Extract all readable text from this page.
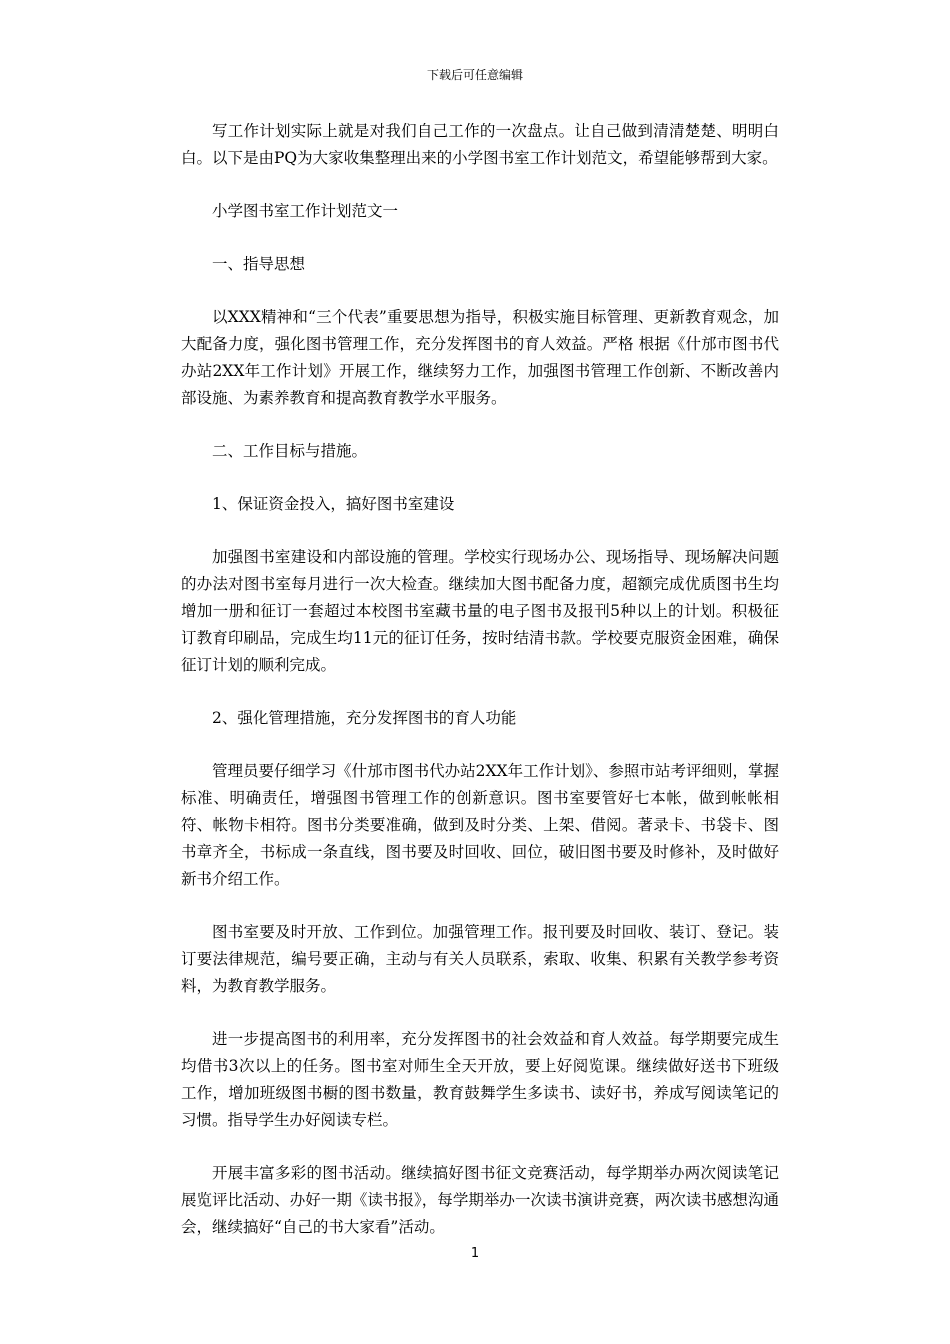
下载后可任意编辑

写工作计划实际上就是对我们自己工作的一次盘点。让自己做到清清楚楚、明明白白。以下是由PQ为大家收集整理出来的小学图书室工作计划范文，希望能够帮到大家。

小学图书室工作计划范文一

一、指导思想

以XXX精神和“三个代表”重要思想为指导，积极实施目标管理、更新教育观念，加大配备力度，强化图书管理工作，充分发挥图书的育人效益。严格 根据《什邡市图书代办站2XX年工作计划》开展工作，继续努力工作，加强图书管理工作创新、不断改善内部设施、为素养教育和提高教育教学水平服务。

二、工作目标与措施。

1、保证资金投入，搞好图书室建设

加强图书室建设和内部设施的管理。学校实行现场办公、现场指导、现场解决问题的办法对图书室每月进行一次大检查。继续加大图书配备力度，超额完成优质图书生均增加一册和征订一套超过本校图书室藏书量的电子图书及报刊5种以上的计划。积极征订教育印刷品，完成生均11元的征订任务，按时结清书款。学校要克服资金困难，确保征订计划的顺利完成。

2、强化管理措施，充分发挥图书的育人功能

管理员要仔细学习《什邡市图书代办站2XX年工作计划》、参照市站考评细则，掌握标准、明确责任，增强图书管理工作的创新意识。图书室要管好七本帐，做到帐帐相符、帐物卡相符。图书分类要准确，做到及时分类、上架、借阅。著录卡、书袋卡、图书章齐全，书标成一条直线，图书要及时回收、回位，破旧图书要及时修补，及时做好新书介绍工作。

图书室要及时开放、工作到位。加强管理工作。报刊要及时回收、装订、登记。装订要法律规范，编号要正确，主动与有关人员联系，索取、收集、积累有关教学参考资料，为教育教学服务。

进一步提高图书的利用率，充分发挥图书的社会效益和育人效益。每学期要完成生均借书3次以上的任务。图书室对师生全天开放，要上好阅览课。继续做好送书下班级工作，增加班级图书橱的图书数量，教育鼓舞学生多读书、读好书，养成写阅读笔记的习惯。指导学生办好阅读专栏。

开展丰富多彩的图书活动。继续搞好图书征文竞赛活动，每学期举办两次阅读笔记展览评比活动、办好一期《读书报》，每学期举办一次读书演讲竞赛，两次读书感想沟通会，继续搞好“自己的书大家看”活动。

1
